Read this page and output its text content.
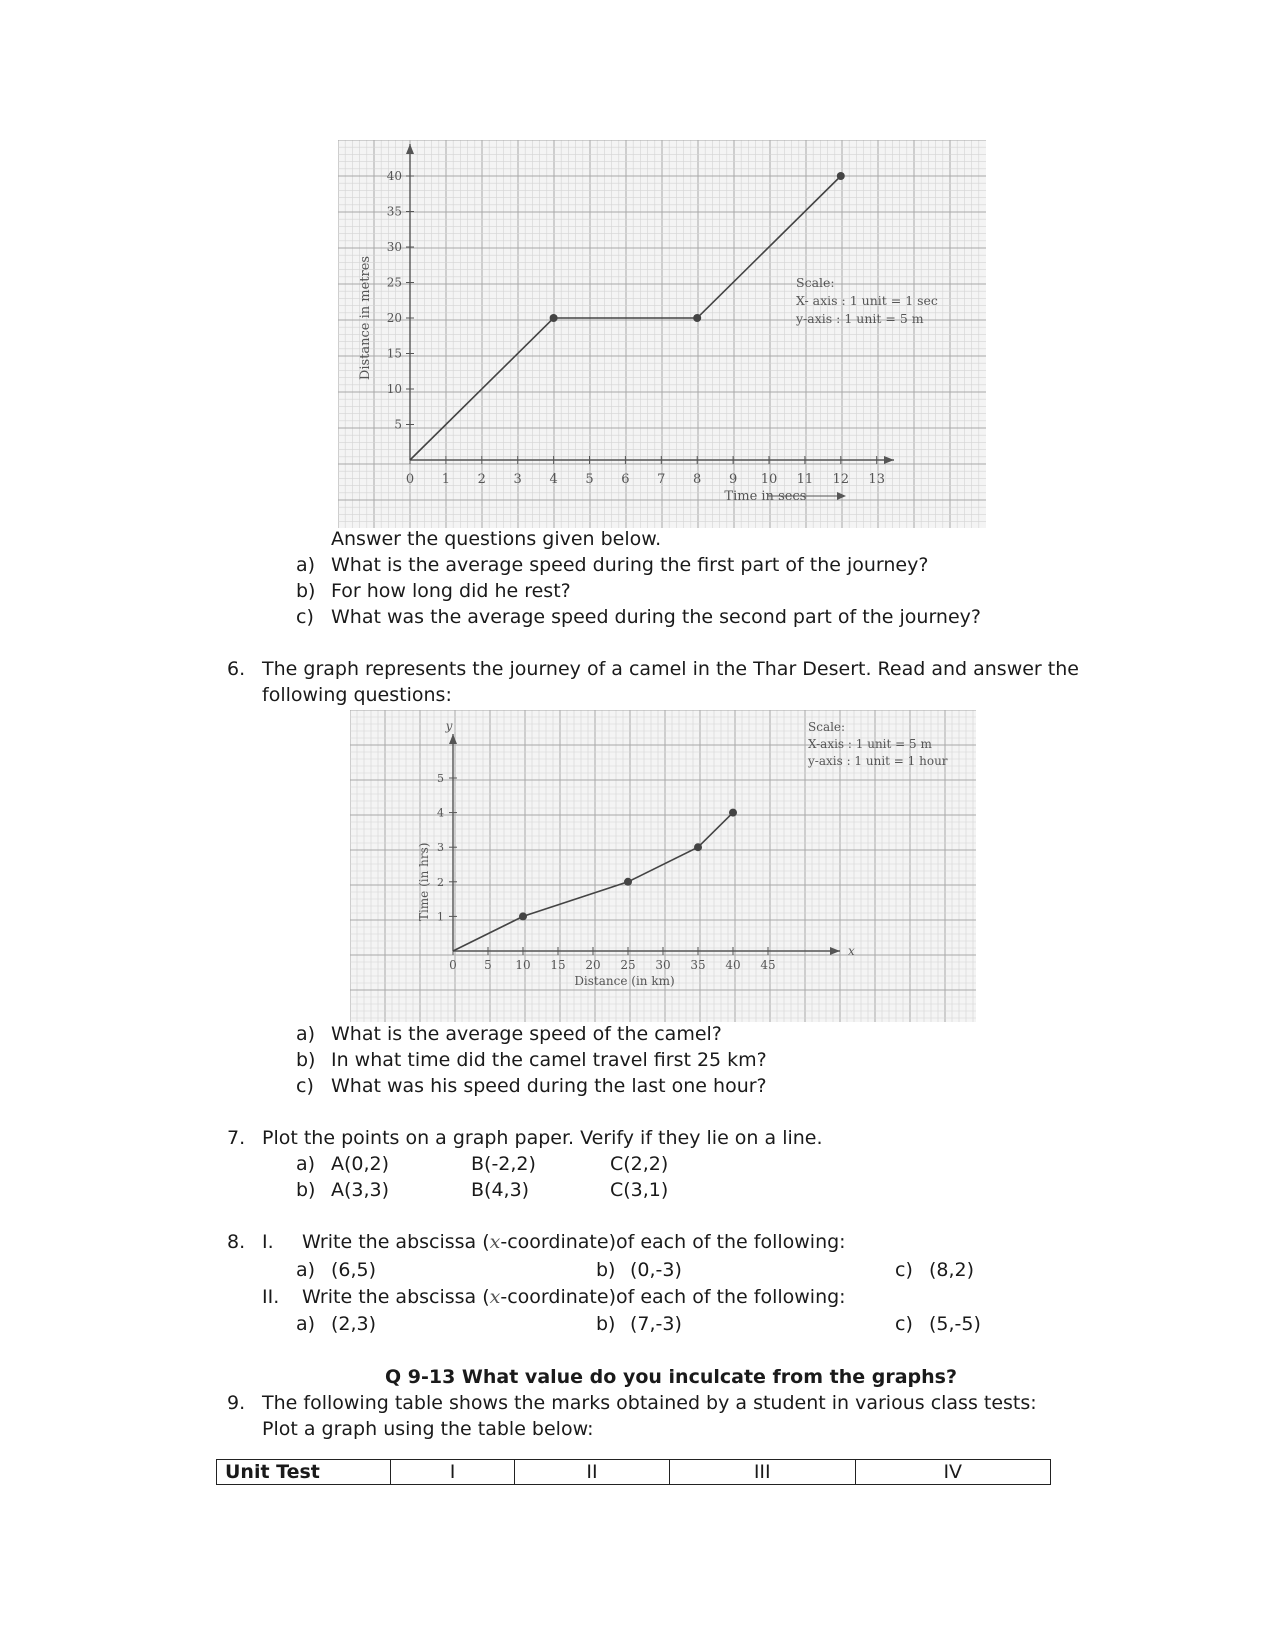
0 1 2 3 4 5 6 7 8 9 10 11 12 13
5
10
15
20
25
30
35
40
Distance in metres
Time in secs
Scale:
X- axis : 1 unit = 1 sec
y-axis : 1 unit = 5 m
Answer the questions given below.
a) What is the average speed during the first part of the journey?
b) For how long did he rest?
c) What was the average speed during the second part of the journey?
6. The graph represents the journey of a camel in the Thar Desert. Read and answer the
following questions:
y
x
0 5 10 15 20 25 30 35 40 45
1
2
3
4
5
Time (in hrs)
Distance (in km)
Scale:
X-axis : 1 unit = 5 m
y-axis : 1 unit = 1 hour
a) What is the average speed of the camel?
b) In what time did the camel travel first 25 km?
c) What was his speed during the last one hour?
7. Plot the points on a graph paper. Verify if they lie on a line.
a) A(0,2)	B(-2,2)	C(2,2)
b) A(3,3)	B(4,3)	C(3,1)
8. I. Write the abscissa (x-coordinate)of each of the following:
a) (6,5)	b) (0,-3)	c) (8,2)
II. Write the abscissa (x-coordinate)of each of the following:
a) (2,3)	b) (7,-3)	c) (5,-5)
Q 9-13 What value do you inculcate from the graphs?
9. The following table shows the marks obtained by a student in various class tests:
Plot a graph using the table below:
Unit Test	I	II	III	IV
